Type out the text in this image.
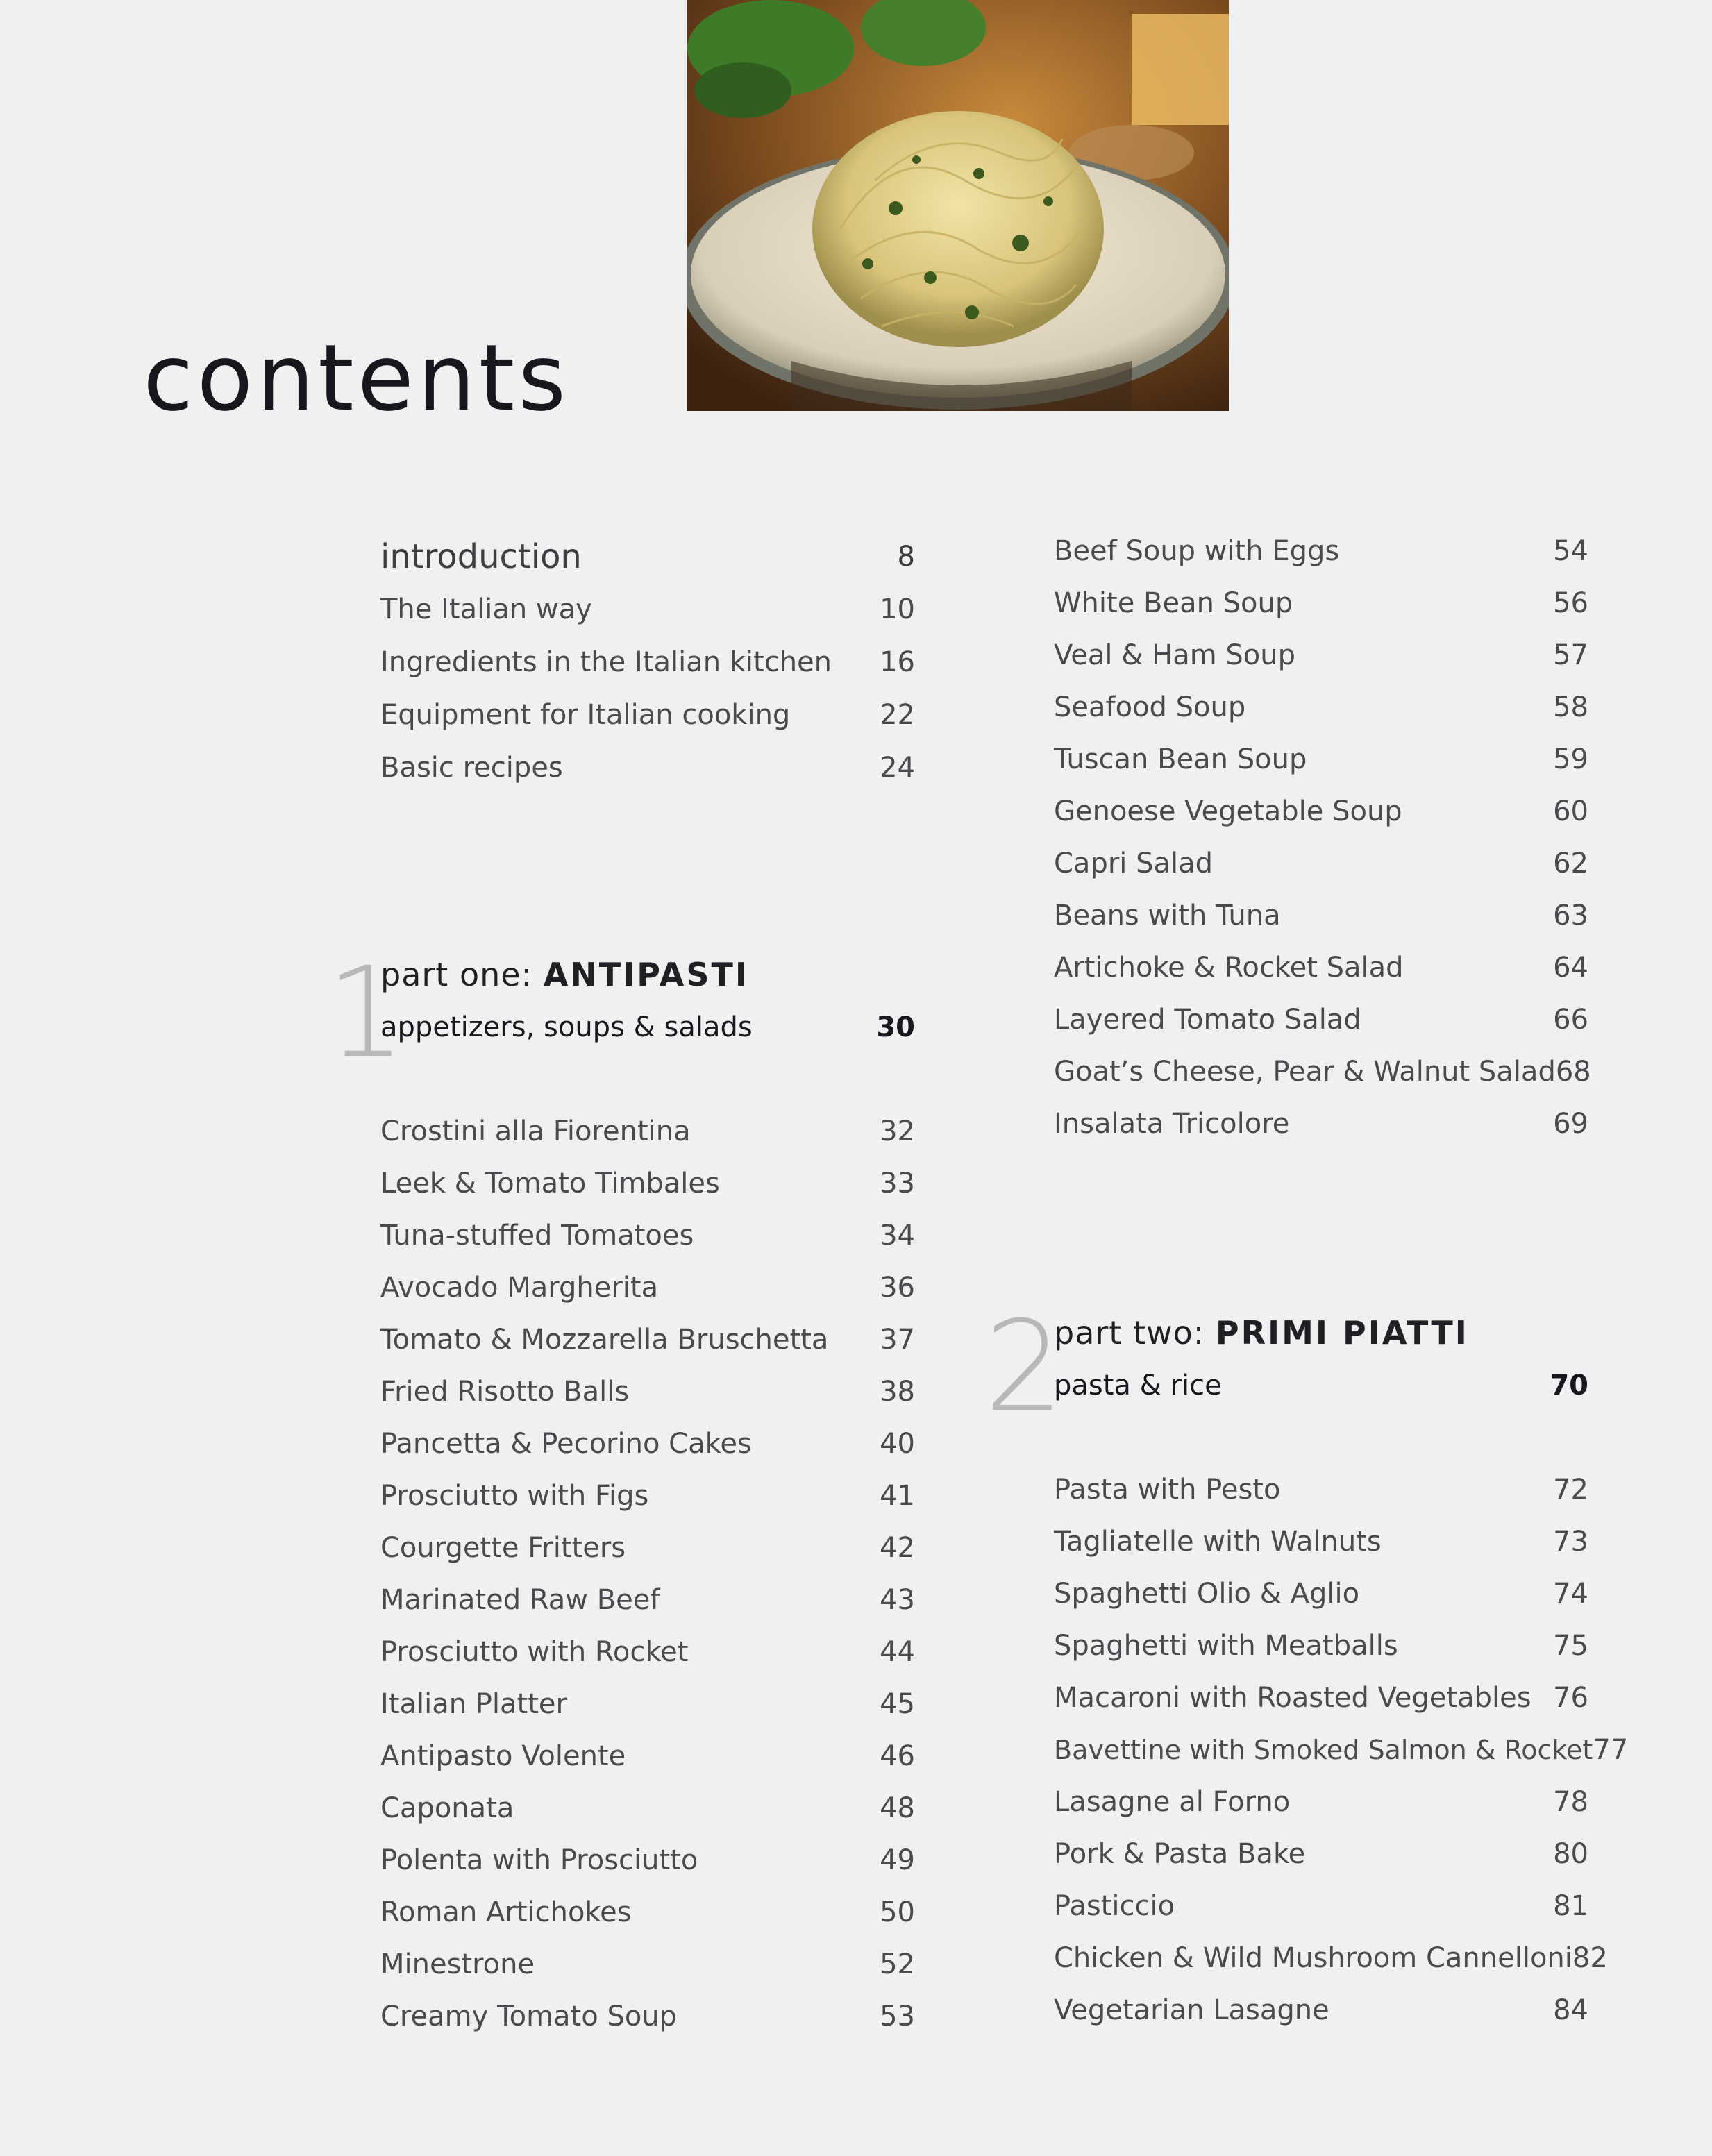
contents
introduction	8
The Italian way	10
Ingredients in the Italian kitchen 16
Equipment for Italian cooking	22
Basic recipes	24
1
part one: ANTIPASTI
appetizers, soups & salads	30
Crostini alla Fiorentina	32
Leek & Tomato Timbales	33
Tuna-stuffed Tomatoes	34
Avocado Margherita	36
Tomato & Mozzarella Bruschetta 37
Fried Risotto Balls	38
Pancetta & Pecorino Cakes	40
Prosciutto with Figs	41
Courgette Fritters	42
Marinated Raw Beef	43
Prosciutto with Rocket	44
Italian Platter	45
Antipasto Volente	46
Caponata	48
Polenta with Prosciutto	49
Roman Artichokes	50
Minestrone	52
Creamy Tomato Soup	53
Beef Soup with Eggs	54
White Bean Soup	56
Veal & Ham Soup	57
Seafood Soup	58
Tuscan Bean Soup	59
Genoese Vegetable Soup	60
Capri Salad	62
Beans with Tuna	63
Artichoke & Rocket Salad	64
Layered Tomato Salad	66
Goat’s Cheese, Pear & Walnut Salad 68
Insalata Tricolore	69
2
part two: PRIMI PIATTI
pasta & rice	70
Pasta with Pesto	72
Tagliatelle with Walnuts	73
Spaghetti Olio & Aglio	74
Spaghetti with Meatballs	75
Macaroni with Roasted Vegetables 76
Bavettine with Smoked Salmon & Rocket 77
Lasagne al Forno	78
Pork & Pasta Bake	80
Pasticcio	81
Chicken & Wild Mushroom Cannelloni 82
Vegetarian Lasagne	84
